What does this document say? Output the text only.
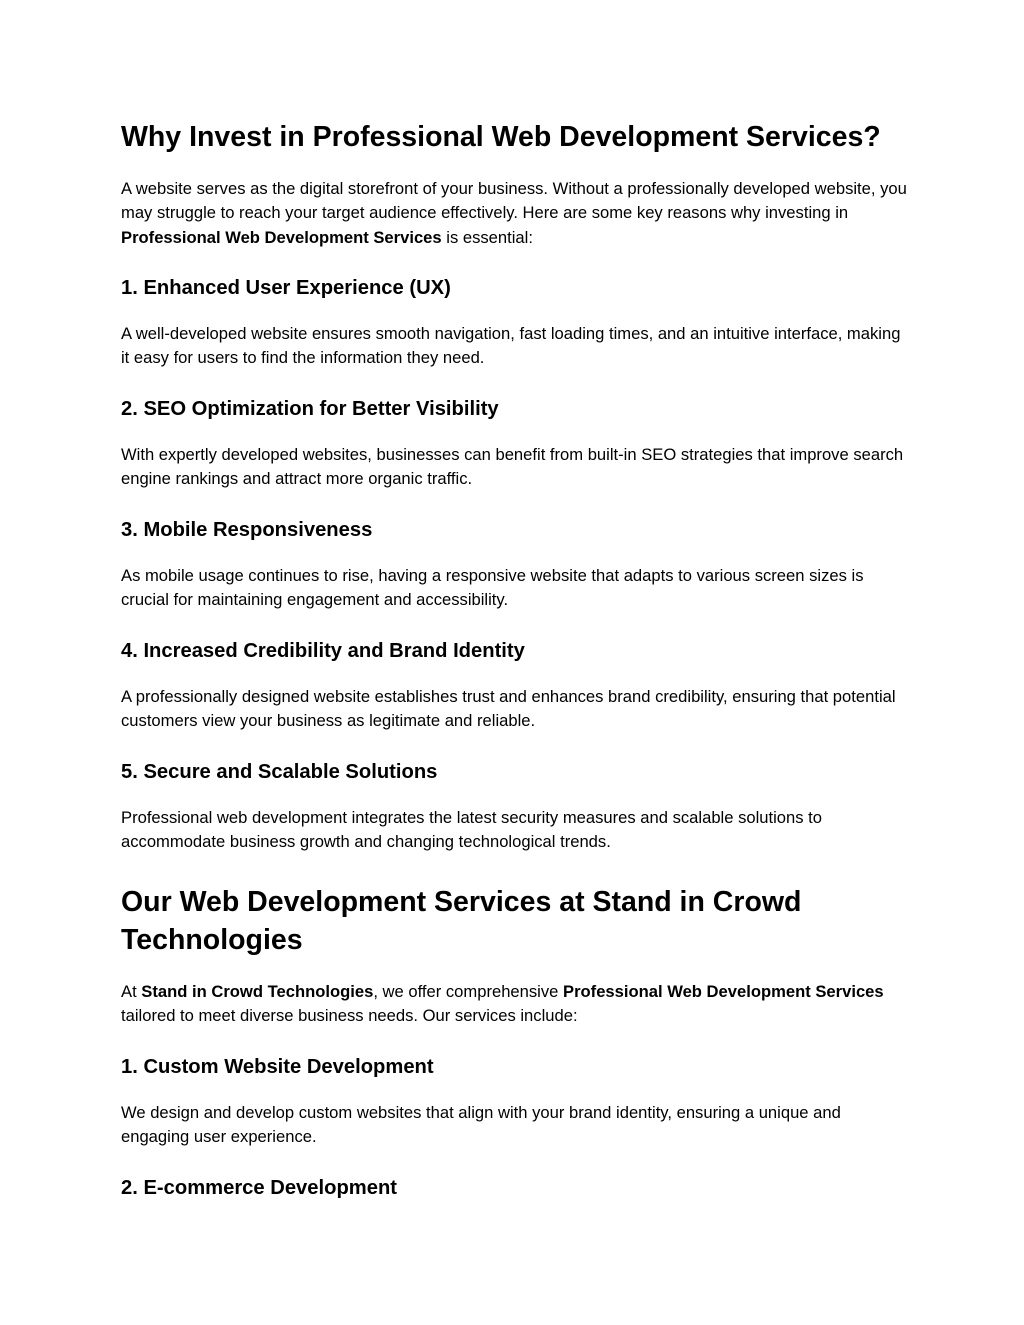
Why Invest in Professional Web Development Services?

A website serves as the digital storefront of your business. Without a professionally developed website, you may struggle to reach your target audience effectively. Here are some key reasons why investing in Professional Web Development Services is essential:

1. Enhanced User Experience (UX)

A well-developed website ensures smooth navigation, fast loading times, and an intuitive interface, making it easy for users to find the information they need.

2. SEO Optimization for Better Visibility

With expertly developed websites, businesses can benefit from built-in SEO strategies that improve search engine rankings and attract more organic traffic.

3. Mobile Responsiveness

As mobile usage continues to rise, having a responsive website that adapts to various screen sizes is crucial for maintaining engagement and accessibility.

4. Increased Credibility and Brand Identity

A professionally designed website establishes trust and enhances brand credibility, ensuring that potential customers view your business as legitimate and reliable.

5. Secure and Scalable Solutions

Professional web development integrates the latest security measures and scalable solutions to accommodate business growth and changing technological trends.

Our Web Development Services at Stand in Crowd Technologies

At Stand in Crowd Technologies, we offer comprehensive Professional Web Development Services tailored to meet diverse business needs. Our services include:

1. Custom Website Development

We design and develop custom websites that align with your brand identity, ensuring a unique and engaging user experience.

2. E-commerce Development
